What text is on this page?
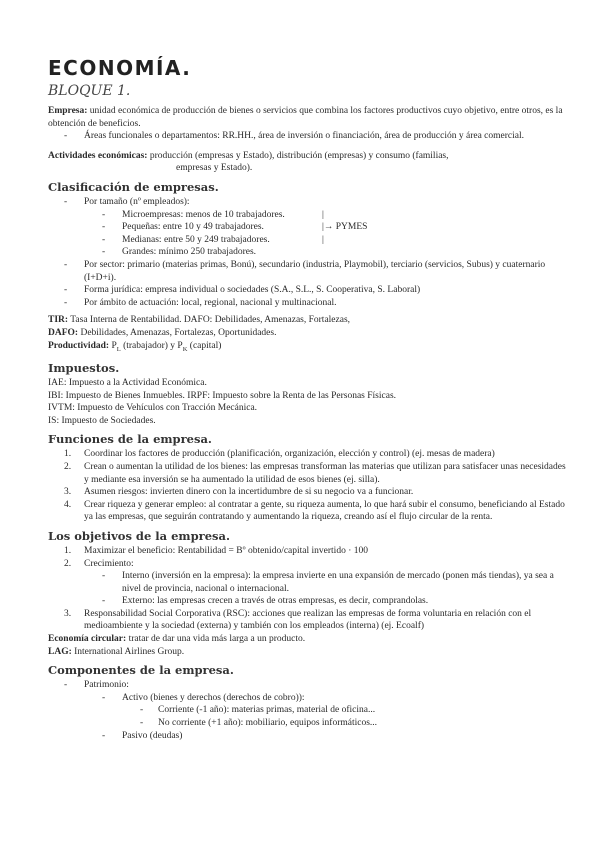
ECONOMÍA.
BLOQUE 1.

Empresa: unidad económica de producción de bienes o servicios que combina los factores productivos cuyo objetivo, entre otros, es la obtención de beneficios.

- Áreas funcionales o departamentos: RR.HH., área de inversión o financiación, área de producción y área comercial.

Actividades económicas: producción (empresas y Estado), distribución (empresas) y consumo (familias,

empresas y Estado).

Clasificación de empresas.
- Por tamaño (nº empleados):
- Microempresas: menos de 10 trabajadores.	|
- Pequeñas: entre 10 y 49 trabajadores.	|→ PYMES
- Medianas: entre 50 y 249 trabajadores.	|
- Grandes: mínimo 250 trabajadores.
- Por sector: primario (materias primas, Bonú), secundario (industria, Playmobil), terciario (servicios, Subus) y cuaternario (I+D+i).
- Forma jurídica: empresa individual o sociedades (S.A., S.L., S. Cooperativa, S. Laboral)
- Por ámbito de actuación: local, regional, nacional y multinacional.

TIR: Tasa Interna de Rentabilidad. DAFO: Debilidades, Amenazas, Fortalezas,

DAFO: Debilidades, Amenazas, Fortalezas, Oportunidades.

Productividad: $P_L$ (trabajador) y $P_K$ (capital)

Impuestos.

IAE: Impuesto a la Actividad Económica.

IBI: Impuesto de Bienes Inmuebles. IRPF: Impuesto sobre la Renta de las Personas Físicas.

IVTM: Impuesto de Vehículos con Tracción Mecánica.

IS: Impuesto de Sociedades.

Funciones de la empresa.
1. Coordinar los factores de producción (planificación, organización, elección y control) (ej. mesas de madera)
2. Crean o aumentan la utilidad de los bienes: las empresas transforman las materias que utilizan para satisfacer unas necesidades y mediante esa inversión se ha aumentado la utilidad de esos bienes (ej. silla).
3. Asumen riesgos: invierten dinero con la incertidumbre de si su negocio va a funcionar.
4. Crear riqueza y generar empleo: al contratar a gente, su riqueza aumenta, lo que hará subir el consumo, beneficiando al Estado ya las empresas, que seguirán contratando y aumentando la riqueza, creando así el flujo circular de la renta.
Los objetivos de la empresa.
1. Maximizar el beneficio: Rentabilidad = Bº obtenido/capital invertido · 100
2. Crecimiento:
- Interno (inversión en la empresa): la empresa invierte en una expansión de mercado (ponen más tiendas), ya sea a nivel de provincia, nacional o internacional.
- Externo: las empresas crecen a través de otras empresas, es decir, comprandolas.
3. Responsabilidad Social Corporativa (RSC): acciones que realizan las empresas de forma voluntaria en relación con el medioambiente y la sociedad (externa) y también con los empleados (interna) (ej. Ecoalf)

Economía circular: tratar de dar una vida más larga a un producto.

LAG: International Airlines Group.

Componentes de la empresa.
- Patrimonio:
- Activo (bienes y derechos (derechos de cobro)):
- Corriente (-1 año): materias primas, material de oficina...
- No corriente (+1 año): mobiliario, equipos informáticos...
- Pasivo (deudas)
